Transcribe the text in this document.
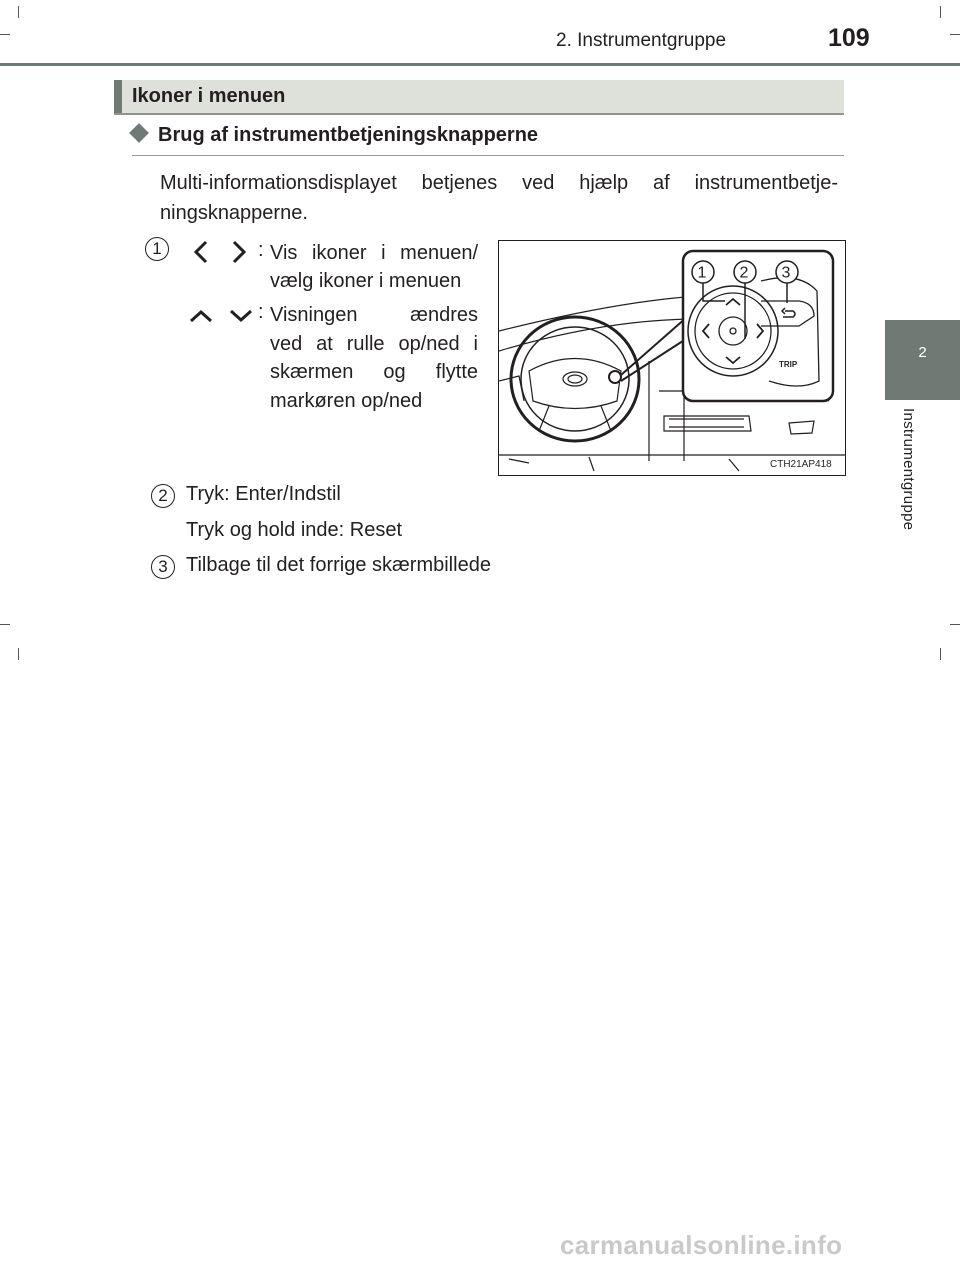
2. Instrumentgruppe	109
2
Instrumentgruppe
Ikoner i menuen
Brug af instrumentbetjeningsknapperne
Multi-informationsdisplayet betjenes ved hjælp af instrumentbetje-ningsknapperne.
1	: Vis ikoner i menuen/
vælg ikoner i menuen
: Visningen ændres
ved at rulle op/ned i
skærmen og flytte
markøren op/ned
1 2 3
TRIP
CTH21AP418
2 Tryk: Enter/Indstil
Tryk og hold inde: Reset
3 Tilbage til det forrige skærmbillede
carmanualsonline.info
